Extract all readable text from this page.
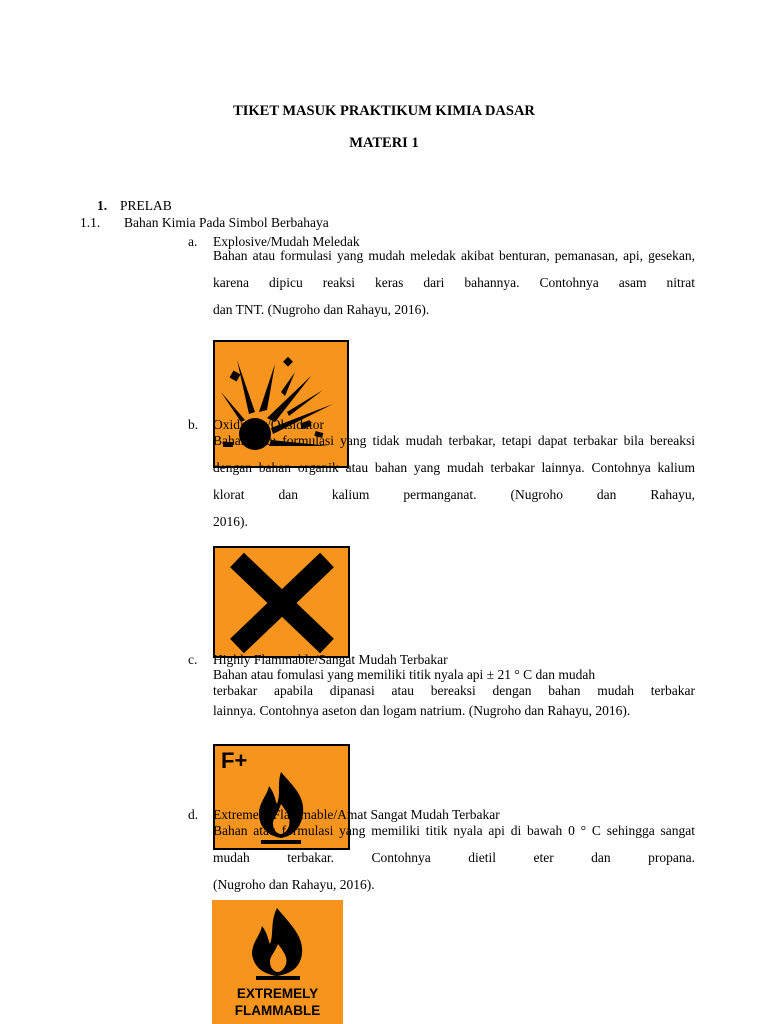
TIKET MASUK PRAKTIKUM KIMIA DASAR
MATERI 1
1. PRELAB
1.1. Bahan Kimia Pada Simbol Berbahaya
a. Explosive/Mudah Meledak
Bahan atau formulasi yang mudah meledak akibat benturan, pemanasan, api, gesekan, karena dipicu reaksi keras dari bahannya. Contohnya asam nitrat
dan TNT. (Nugroho dan Rahayu, 2016).
b. Oxidizing/Oksidator
Bahan atau formulasi yang tidak mudah terbakar, tetapi dapat terbakar bila bereaksi dengan bahan organik atau bahan yang mudah terbakar lainnya. Contohnya kalium klorat dan kalium permanganat. (Nugroho dan Rahayu,
2016).
c. Highly Flammable/Sangat Mudah Terbakar
Bahan atau fomulasi yang memiliki titik nyala api ± 21 ° C dan mudah
terbakar apabila dipanasi atau bereaksi dengan bahan mudah terbakar
lainnya. Contohnya aseton dan logam natrium. (Nugroho dan Rahayu, 2016).
F+
d. Extremely Flammable/Amat Sangat Mudah Terbakar
Bahan atau formulasi yang memiliki titik nyala api di bawah 0 ° C sehingga sangat mudah terbakar. Contohnya dietil eter dan propana.
(Nugroho dan Rahayu, 2016).
EXTREMELY
FLAMMABLE
